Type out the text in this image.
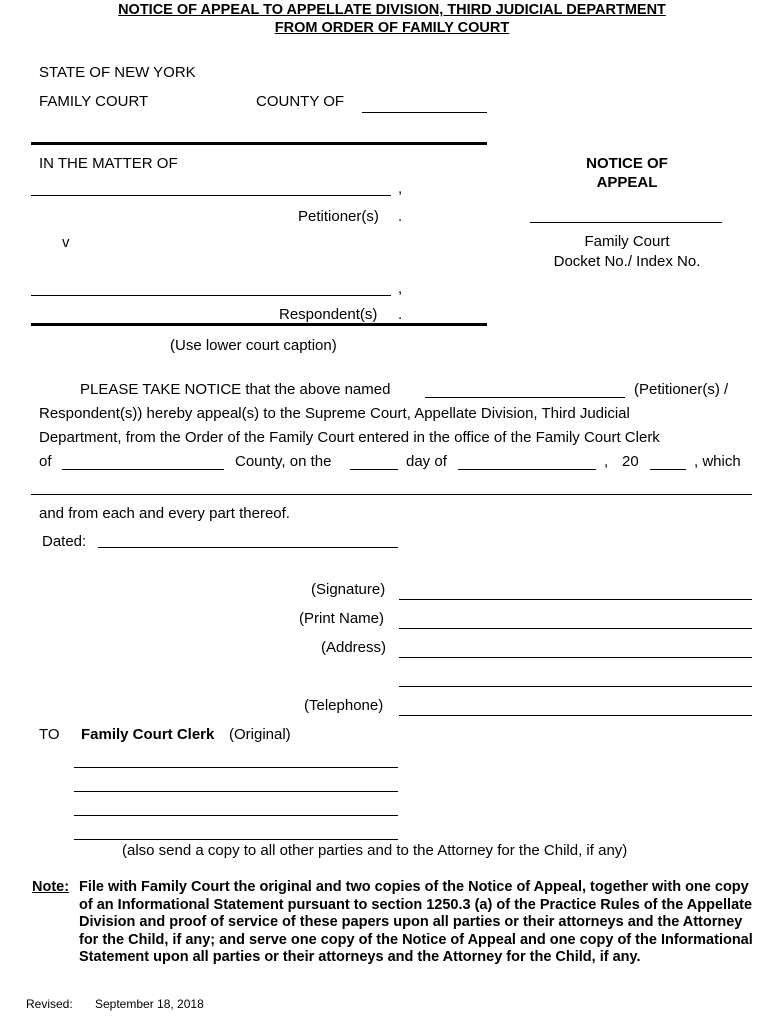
NOTICE OF APPEAL TO APPELLATE DIVISION, THIRD JUDICIAL DEPARTMENT
FROM ORDER OF FAMILY COURT
STATE OF NEW YORK
FAMILY COURT	COUNTY OF
IN THE MATTER OF
,
Petitioner(s) .
v
,
Respondent(s) .
(Use lower court caption)
NOTICE OF
APPEAL
Family Court
Docket No./ Index No.
PLEASE TAKE NOTICE that the above named	(Petitioner(s) /
Respondent(s)) hereby appeal(s) to the Supreme Court, Appellate Division, Third Judicial
Department, from the Order of the Family Court entered in the office of the Family Court Clerk
of	County, on the	day of	, 20	, which
and from each and every part thereof.
Dated:
(Signature)
(Print Name)
(Address)
(Telephone)
TO Family Court Clerk (Original)
(also send a copy to all other parties and to the Attorney for the Child, if any)
Note: File with Family Court the original and two copies of the Notice of Appeal, together with one copy of an Informational Statement pursuant to section 1250.3 (a) of the Practice Rules of the Appellate Division and proof of service of these papers upon all parties or their attorneys and the Attorney for the Child, if any; and serve one copy of the Notice of Appeal and one copy of the Informational Statement upon all parties or their attorneys and the Attorney for the Child, if any.
Revised: September 18, 2018
